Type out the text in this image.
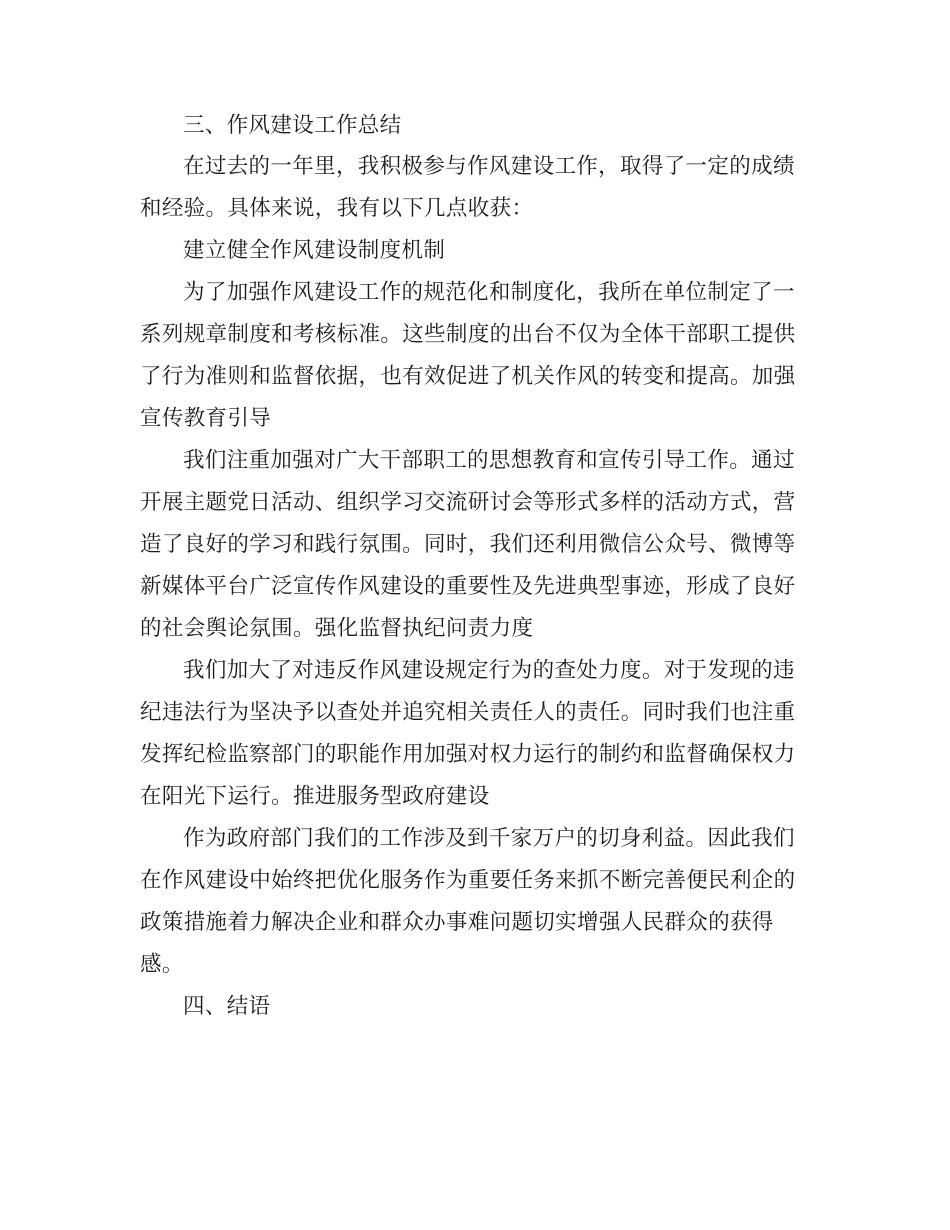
三、作风建设工作总结
在过去的一年里，我积极参与作风建设工作，取得了一定的成绩
和经验。具体来说，我有以下几点收获：
建立健全作风建设制度机制
为了加强作风建设工作的规范化和制度化，我所在单位制定了一
系列规章制度和考核标准。这些制度的出台不仅为全体干部职工提供
了行为准则和监督依据，也有效促进了机关作风的转变和提高。加强
宣传教育引导
我们注重加强对广大干部职工的思想教育和宣传引导工作。通过
开展主题党日活动、组织学习交流研讨会等形式多样的活动方式，营
造了良好的学习和践行氛围。同时，我们还利用微信公众号、微博等
新媒体平台广泛宣传作风建设的重要性及先进典型事迹，形成了良好
的社会舆论氛围。强化监督执纪问责力度
我们加大了对违反作风建设规定行为的查处力度。对于发现的违
纪违法行为坚决予以查处并追究相关责任人的责任。同时我们也注重
发挥纪检监察部门的职能作用加强对权力运行的制约和监督确保权力
在阳光下运行。推进服务型政府建设
作为政府部门我们的工作涉及到千家万户的切身利益。因此我们
在作风建设中始终把优化服务作为重要任务来抓不断完善便民利企的
政策措施着力解决企业和群众办事难问题切实增强人民群众的获得
感。
四、结语
